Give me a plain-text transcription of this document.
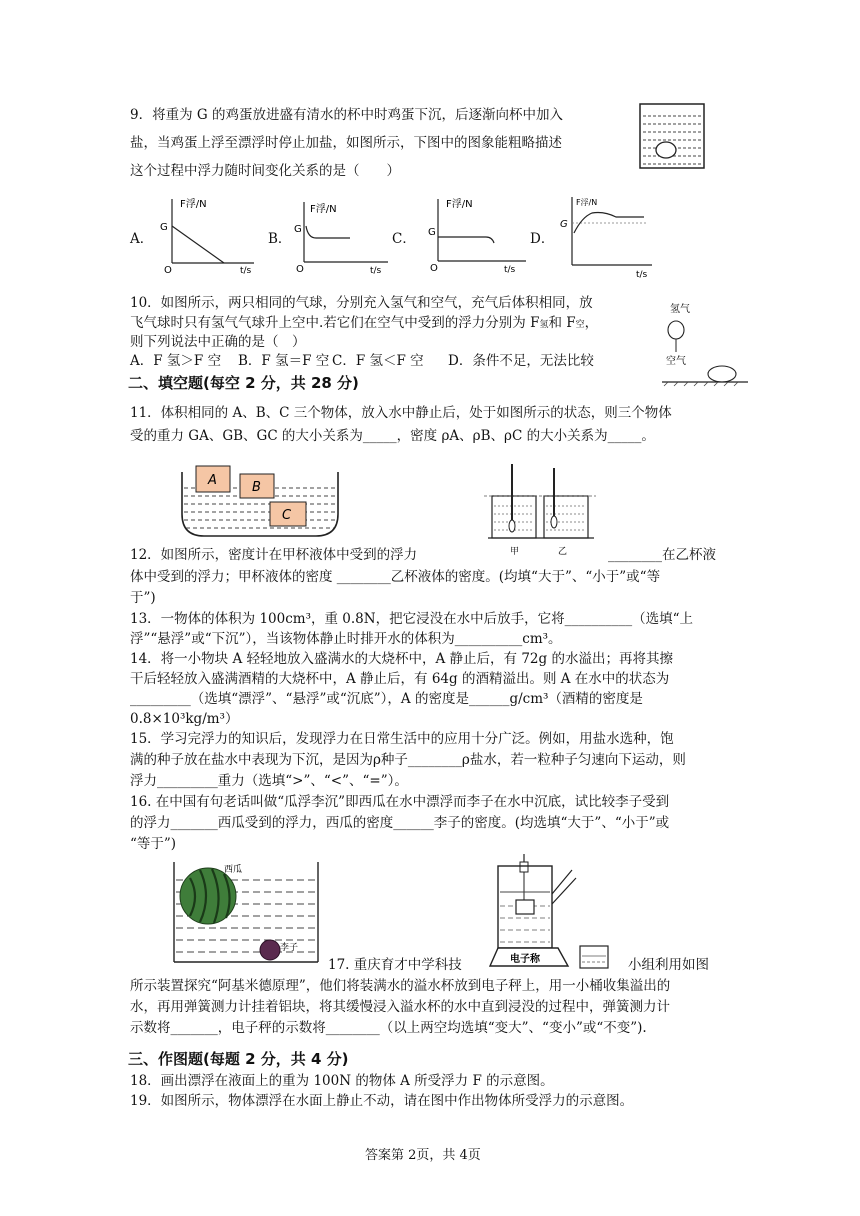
9．将重为 G 的鸡蛋放进盛有清水的杯中时鸡蛋下沉，后逐渐向杯中加入
盐，当鸡蛋上浮至漂浮时停止加盐，如图所示，下图中的图象能粗略描述
这个过程中浮力随时间变化关系的是（　　）
A．
F浮/N
G
O	t/s
B．
F浮/N
G
O	t/s
C．
F浮/N
G
O	t/s
D．
F浮/N
G
t/s
10．如图所示，两只相同的气球，分别充入氢气和空气，充气后体积相同，放
飞气球时只有氢气气球升上空中.若它们在空气中受到的浮力分别为 F氢和 F空，
则下列说法中正确的是（　）
A．F 氢＞F 空 B．F 氢＝F 空 C．F 氢＜F 空 D．条件不足，无法比较
氢气
空气
二、填空题(每空 2 分，共 28 分)
11．体积相同的 A、B、C 三个物体，放入水中静止后，处于如图所示的状态，则三个物体
受的重力 GA、GB、GC 的大小关系为_____，密度 ρA、ρB、ρC 的大小关系为_____。
A	B
C
甲	乙
12．如图所示，密度计在甲杯液体中受到的浮力	________在乙杯液
体中受到的浮力；甲杯液体的密度 ________乙杯液体的密度。(均填“大于”、“小于”或“等
于”)
13．一物体的体积为 100cm³，重 0.8N，把它浸没在水中后放手，它将__________（选填“上
浮”“悬浮”或“下沉”），当该物体静止时排开水的体积为__________cm³。
14．将一小物块 A 轻轻地放入盛满水的大烧杯中，A 静止后，有 72g 的水溢出；再将其擦
干后轻轻放入盛满酒精的大烧杯中，A 静止后，有 64g 的酒精溢出。则 A 在水中的状态为
_________（选填“漂浮”、“悬浮”或“沉底”），A 的密度是______g/cm³（酒精的密度是
0.8×10³kg/m³）
15．学习完浮力的知识后，发现浮力在日常生活中的应用十分广泛。例如，用盐水选种，饱
满的种子放在盐水中表现为下沉，是因为ρ种子________ρ盐水，若一粒种子匀速向下运动，则
浮力_________重力（选填“>”、“<”、“=”）。
16. 在中国有句老话叫做“瓜浮李沉”即西瓜在水中漂浮而李子在水中沉底，试比较李子受到
的浮力_______西瓜受到的浮力，西瓜的密度______李子的密度。(均选填“大于”、“小于”或
“等于”)
西瓜
李子
电子称
17. 重庆育才中学科技	小组利用如图
所示装置探究“阿基米德原理”，他们将装满水的溢水杯放到电子秤上，用一小桶收集溢出的
水，再用弹簧测力计挂着铝块，将其缓慢浸入溢水杯的水中直到浸没的过程中，弹簧测力计
示数将_______，电子秤的示数将________（以上两空均选填“变大”、“变小”或“不变”).
三、作图题(每题 2 分，共 4 分)
18．画出漂浮在液面上的重为 100N 的物体 A 所受浮力 F 的示意图。
19．如图所示，物体漂浮在水面上静止不动，请在图中作出物体所受浮力的示意图。
答案第 2页，共 4页
